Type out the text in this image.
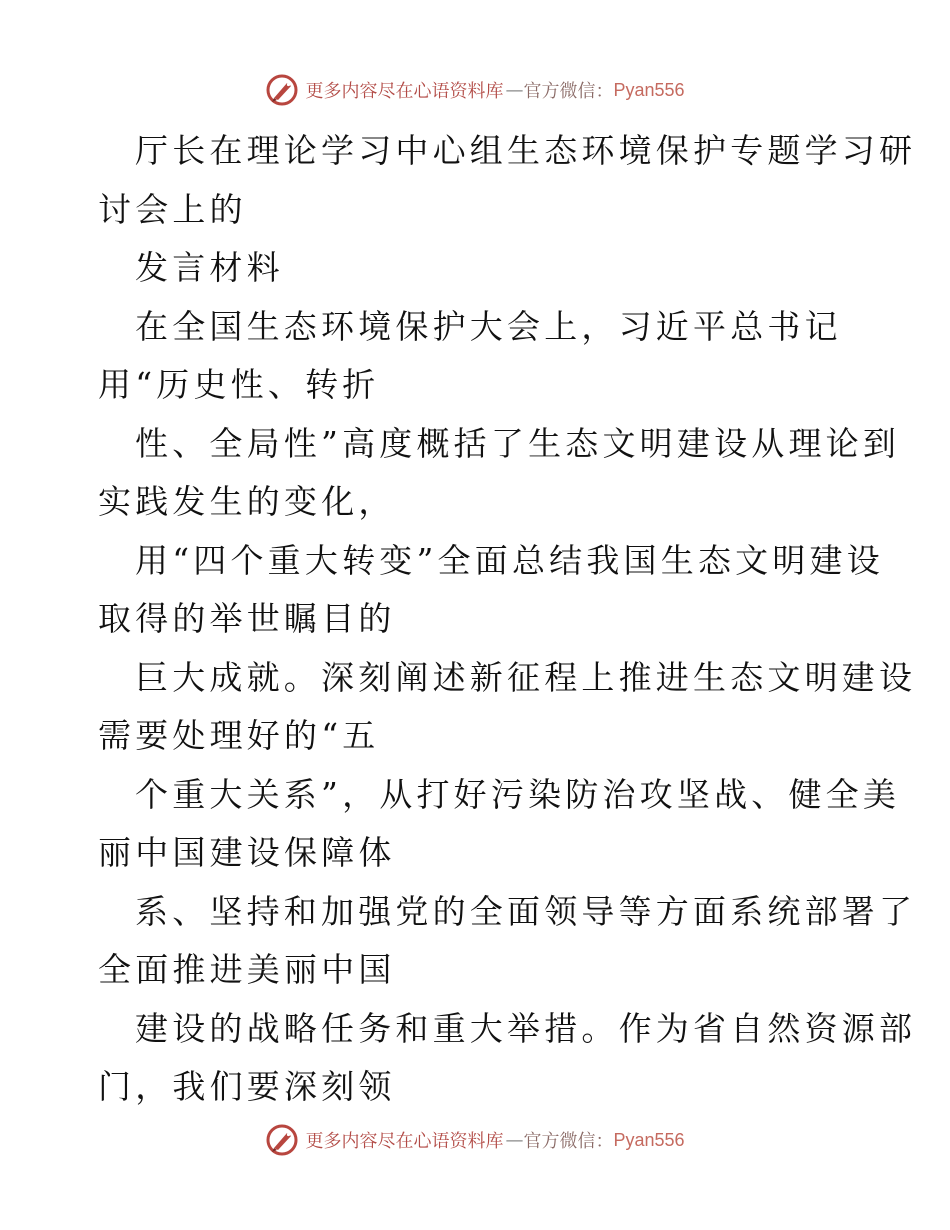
更多内容尽在心语资料库 — 官方微信： Pyan556
厅长在理论学习中心组生态环境保护专题学习研
讨会上的
发言材料
在全国生态环境保护大会上，习近平总书记
用“历史性、转折
性、全局性”高度概括了生态文明建设从理论到
实践发生的变化，
用“四个重大转变”全面总结我国生态文明建设
取得的举世瞩目的
巨大成就。深刻阐述新征程上推进生态文明建设
需要处理好的“五
个重大关系”，从打好污染防治攻坚战、健全美
丽中国建设保障体
系、坚持和加强党的全面领导等方面系统部署了
全面推进美丽中国
建设的战略任务和重大举措。作为省自然资源部
门，我们要深刻领
更多内容尽在心语资料库 — 官方微信： Pyan556
